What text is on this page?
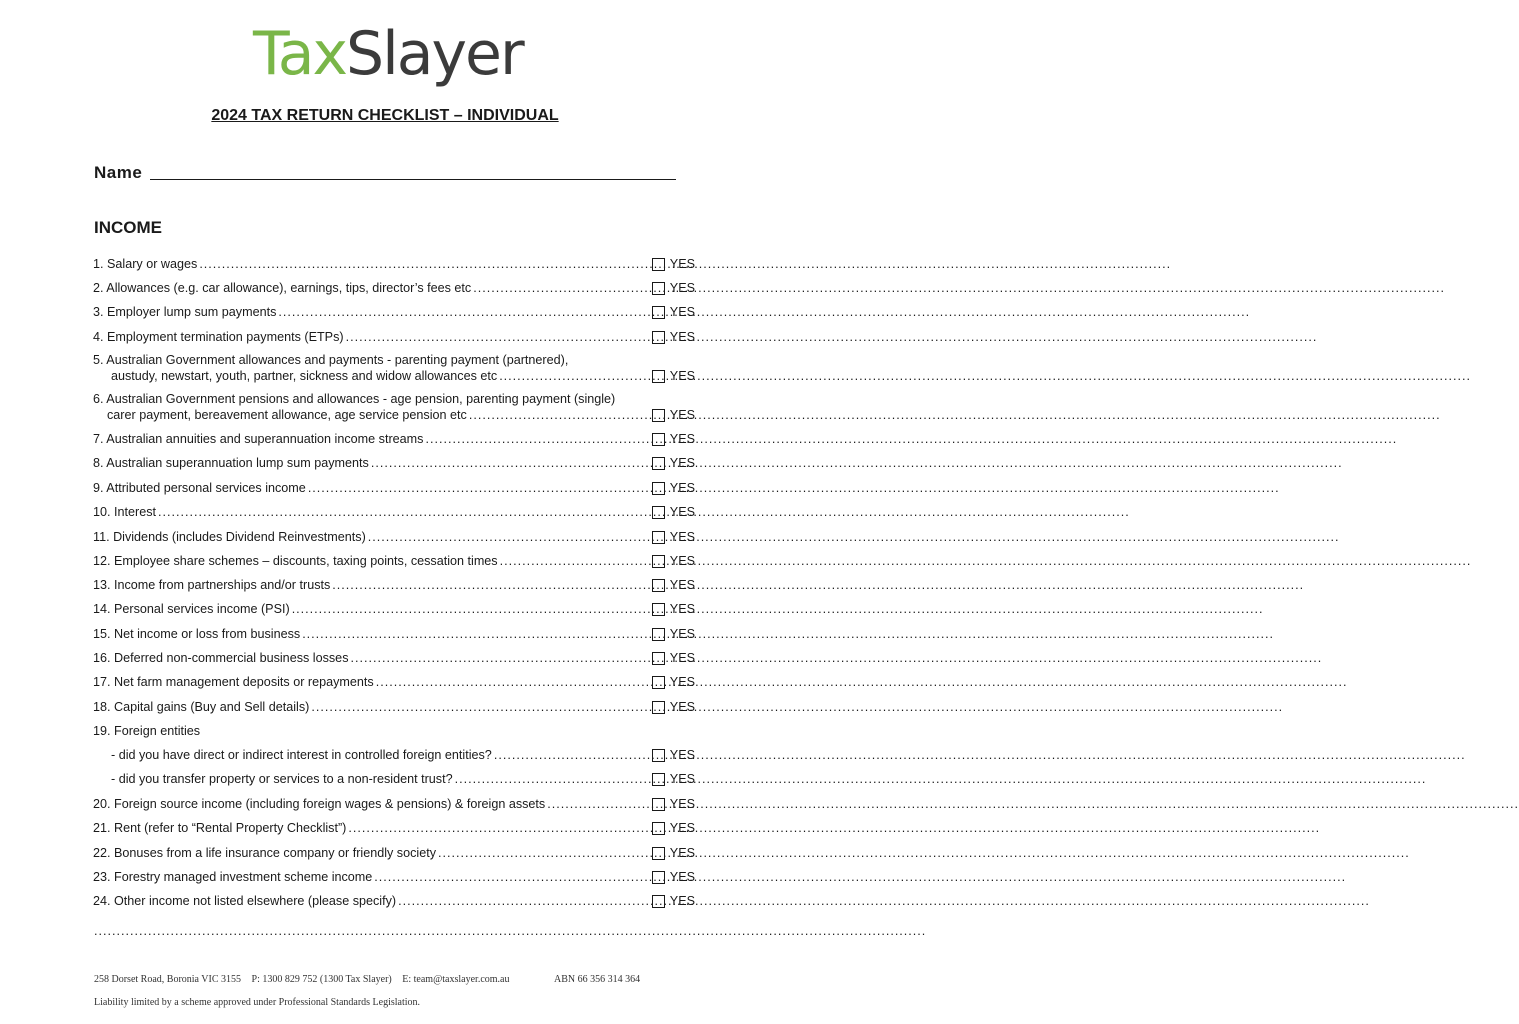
TaxSlayer
2024 TAX RETURN CHECKLIST – INDIVIDUAL
Name
INCOME
1. Salary or wages .....	YES
2. Allowances (e.g. car allowance), earnings, tips, director’s fees etc .....	YES
3. Employer lump sum payments .....	YES
4. Employment termination payments (ETPs) .....	YES
5. Australian Government allowances and payments - parenting payment (partnered),
austudy, newstart, youth, partner, sickness and widow allowances etc .....	YES
6. Australian Government pensions and allowances - age pension, parenting payment (single)
carer payment, bereavement allowance, age service pension etc .....	YES
7. Australian annuities and superannuation income streams .....	YES
8. Australian superannuation lump sum payments .....	YES
9. Attributed personal services income .....	YES
10. Interest .....	YES
11. Dividends (includes Dividend Reinvestments) .....	YES
12. Employee share schemes – discounts, taxing points, cessation times .....	YES
13. Income from partnerships and/or trusts .....	YES
14. Personal services income (PSI) .....	YES
15. Net income or loss from business .....	YES
16. Deferred non-commercial business losses .....	YES
17. Net farm management deposits or repayments .....	YES
18. Capital gains (Buy and Sell details) .....	YES
19. Foreign entities
- did you have direct or indirect interest in controlled foreign entities? .....	YES
- did you transfer property or services to a non-resident trust? .....	YES
20. Foreign source income (including foreign wages & pensions) & foreign assets .....	YES
21. Rent (refer to “Rental Property Checklist”) .....	YES
22. Bonuses from a life insurance company or friendly society .....	YES
23. Forestry managed investment scheme income .....	YES
24. Other income not listed elsewhere (please specify) .....	YES
.........................................................................................................................................................................................
258 Dorset Road, Boronia VIC 3155 P: 1300 829 752 (1300 Tax Slayer) E: team@taxslayer.com.au	ABN 66 356 314 364
Liability limited by a scheme approved under Professional Standards Legislation.
